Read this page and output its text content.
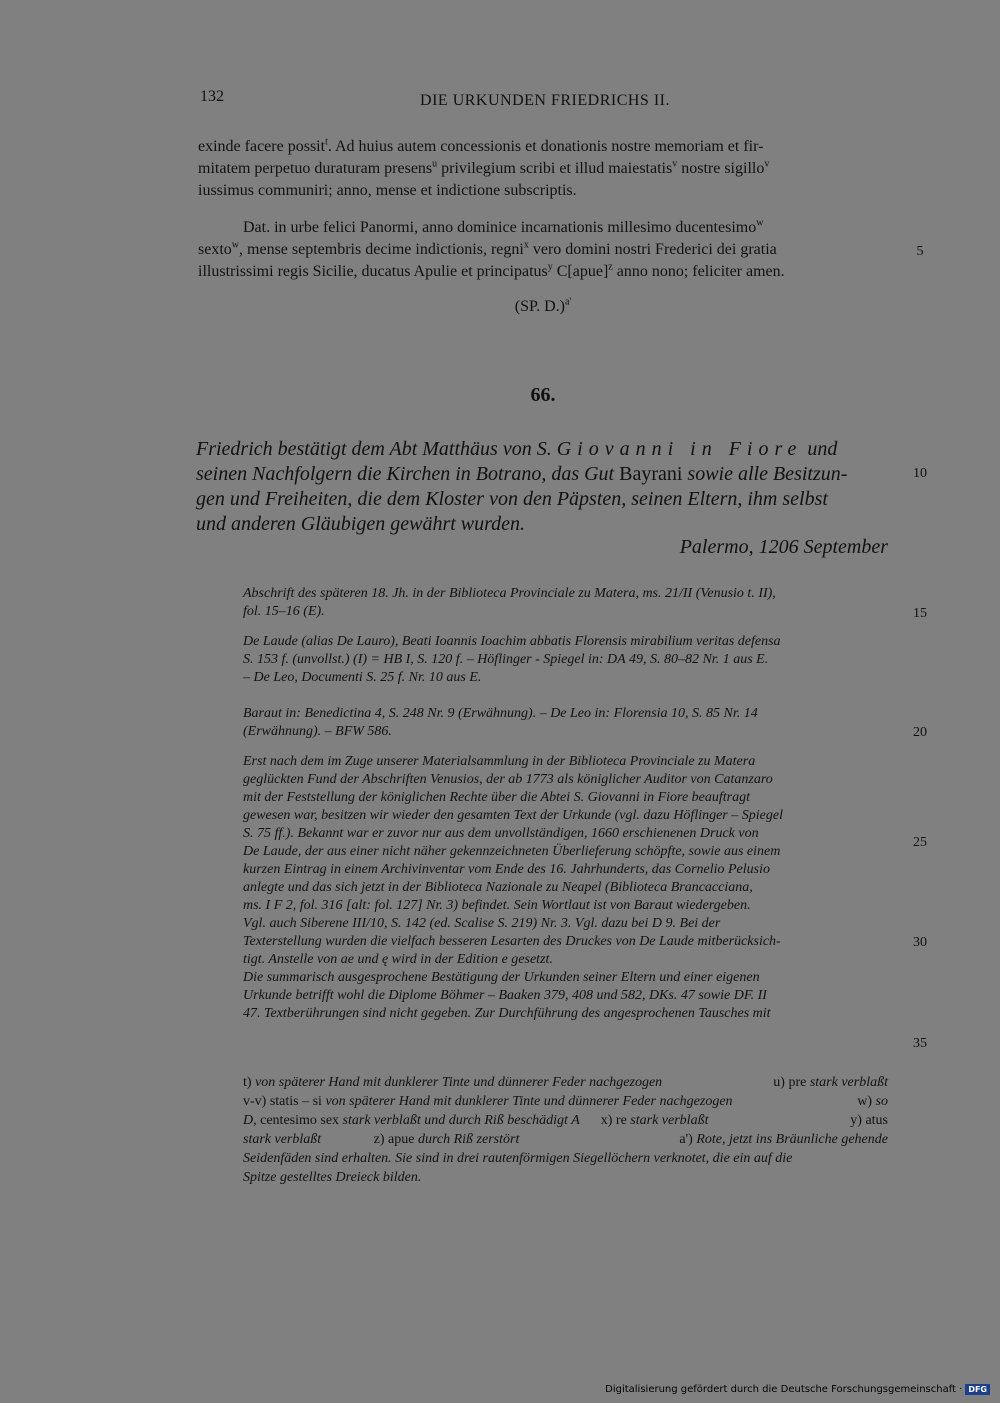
132	DIE URKUNDEN FRIEDRICHS II.
exinde facere possit$^t$. Ad huius autem concessionis et donationis nostre memoriam et fir-
mitatem perpetuo duraturam presens$^u$ privilegium scribi et illud maiestatis$^v$ nostre sigillo$^v$
iussimus communiri; anno, mense et indictione subscriptis.
Dat. in urbe felici Panormi, anno dominice incarnationis millesimo ducentesimo$^w$
sexto$^w$, mense septembris decime indictionis, regni$^x$ vero domini nostri Frederici dei gratia
illustrissimi regis Sicilie, ducatus Apulie et principatus$^y$ C[apue]$^z$ anno nono; feliciter amen.
(SP. D.)$^{a'}$
66.
Friedrich bestätigt dem Abt Matthäus von S. Giovanni in Fiore und
seinen Nachfolgern die Kirchen in Botrano, das Gut Bayrani sowie alle Besitzun-
gen und Freiheiten, die dem Kloster von den Päpsten, seinen Eltern, ihm selbst
und anderen Gläubigen gewährt wurden.
Palermo, 1206 September
Abschrift des späteren 18. Jh. in der Biblioteca Provinciale zu Matera, ms. 21/II (Venusio t. II),
fol. 15–16 (E).
De Laude (alias De Lauro), Beati Ioannis Ioachim abbatis Florensis mirabilium veritas defensa
S. 153 f. (unvollst.) (I) = HB I, S. 120 f. – Höflinger - Spiegel in: DA 49, S. 80–82 Nr. 1 aus E.
– De Leo, Documenti S. 25 f. Nr. 10 aus E.
Baraut in: Benedictina 4, S. 248 Nr. 9 (Erwähnung). – De Leo in: Florensia 10, S. 85 Nr. 14
(Erwähnung). – BFW 586.
Erst nach dem im Zuge unserer Materialsammlung in der Biblioteca Provinciale zu Matera
geglückten Fund der Abschriften Venusios, der ab 1773 als königlicher Auditor von Catanzaro
mit der Feststellung der königlichen Rechte über die Abtei S. Giovanni in Fiore beauftragt
gewesen war, besitzen wir wieder den gesamten Text der Urkunde (vgl. dazu Höflinger – Spiegel
S. 75 ff.). Bekannt war er zuvor nur aus dem unvollständigen, 1660 erschienenen Druck von
De Laude, der aus einer nicht näher gekennzeichneten Überlieferung schöpfte, sowie aus einem
kurzen Eintrag in einem Archivinventar vom Ende des 16. Jahrhunderts, das Cornelio Pelusio
anlegte und das sich jetzt in der Biblioteca Nazionale zu Neapel (Biblioteca Brancacciana,
ms. I F 2, fol. 316 [alt: fol. 127] Nr. 3) befindet. Sein Wortlaut ist von Baraut wiedergeben.
Vgl. auch Siberene III/10, S. 142 (ed. Scalise S. 219) Nr. 3. Vgl. dazu bei D 9. Bei der
Texterstellung wurden die vielfach besseren Lesarten des Druckes von De Laude mitberücksich-
tigt. Anstelle von ae und ę wird in der Edition e gesetzt.
Die summarisch ausgesprochene Bestätigung der Urkunden seiner Eltern und einer eigenen
Urkunde betrifft wohl die Diplome Böhmer – Baaken 379, 408 und 582, DKs. 47 sowie DF. II
47. Textberührungen sind nicht gegeben. Zur Durchführung des angesprochenen Tausches mit
t) von späterer Hand mit dunklerer Tinte und dünnerer Feder nachgezogen	u) pre stark verblaßt
v-v) statis – si von späterer Hand mit dunklerer Tinte und dünnerer Feder nachgezogen	w) so
D, centesimo sex stark verblaßt und durch Riß beschädigt A x) re stark verblaßt	y) atus
stark verblaßt	z) apue durch Riß zerstört	a') Rote, jetzt ins Bräunliche gehende
Seidenfäden sind erhalten. Sie sind in drei rautenförmigen Siegellöchern verknotet, die ein auf die
Spitze gestelltes Dreieck bilden.
5
10
15
20
25
30
35
Digitalisierung gefördert durch die Deutsche Forschungsgemeinschaft · DFG
